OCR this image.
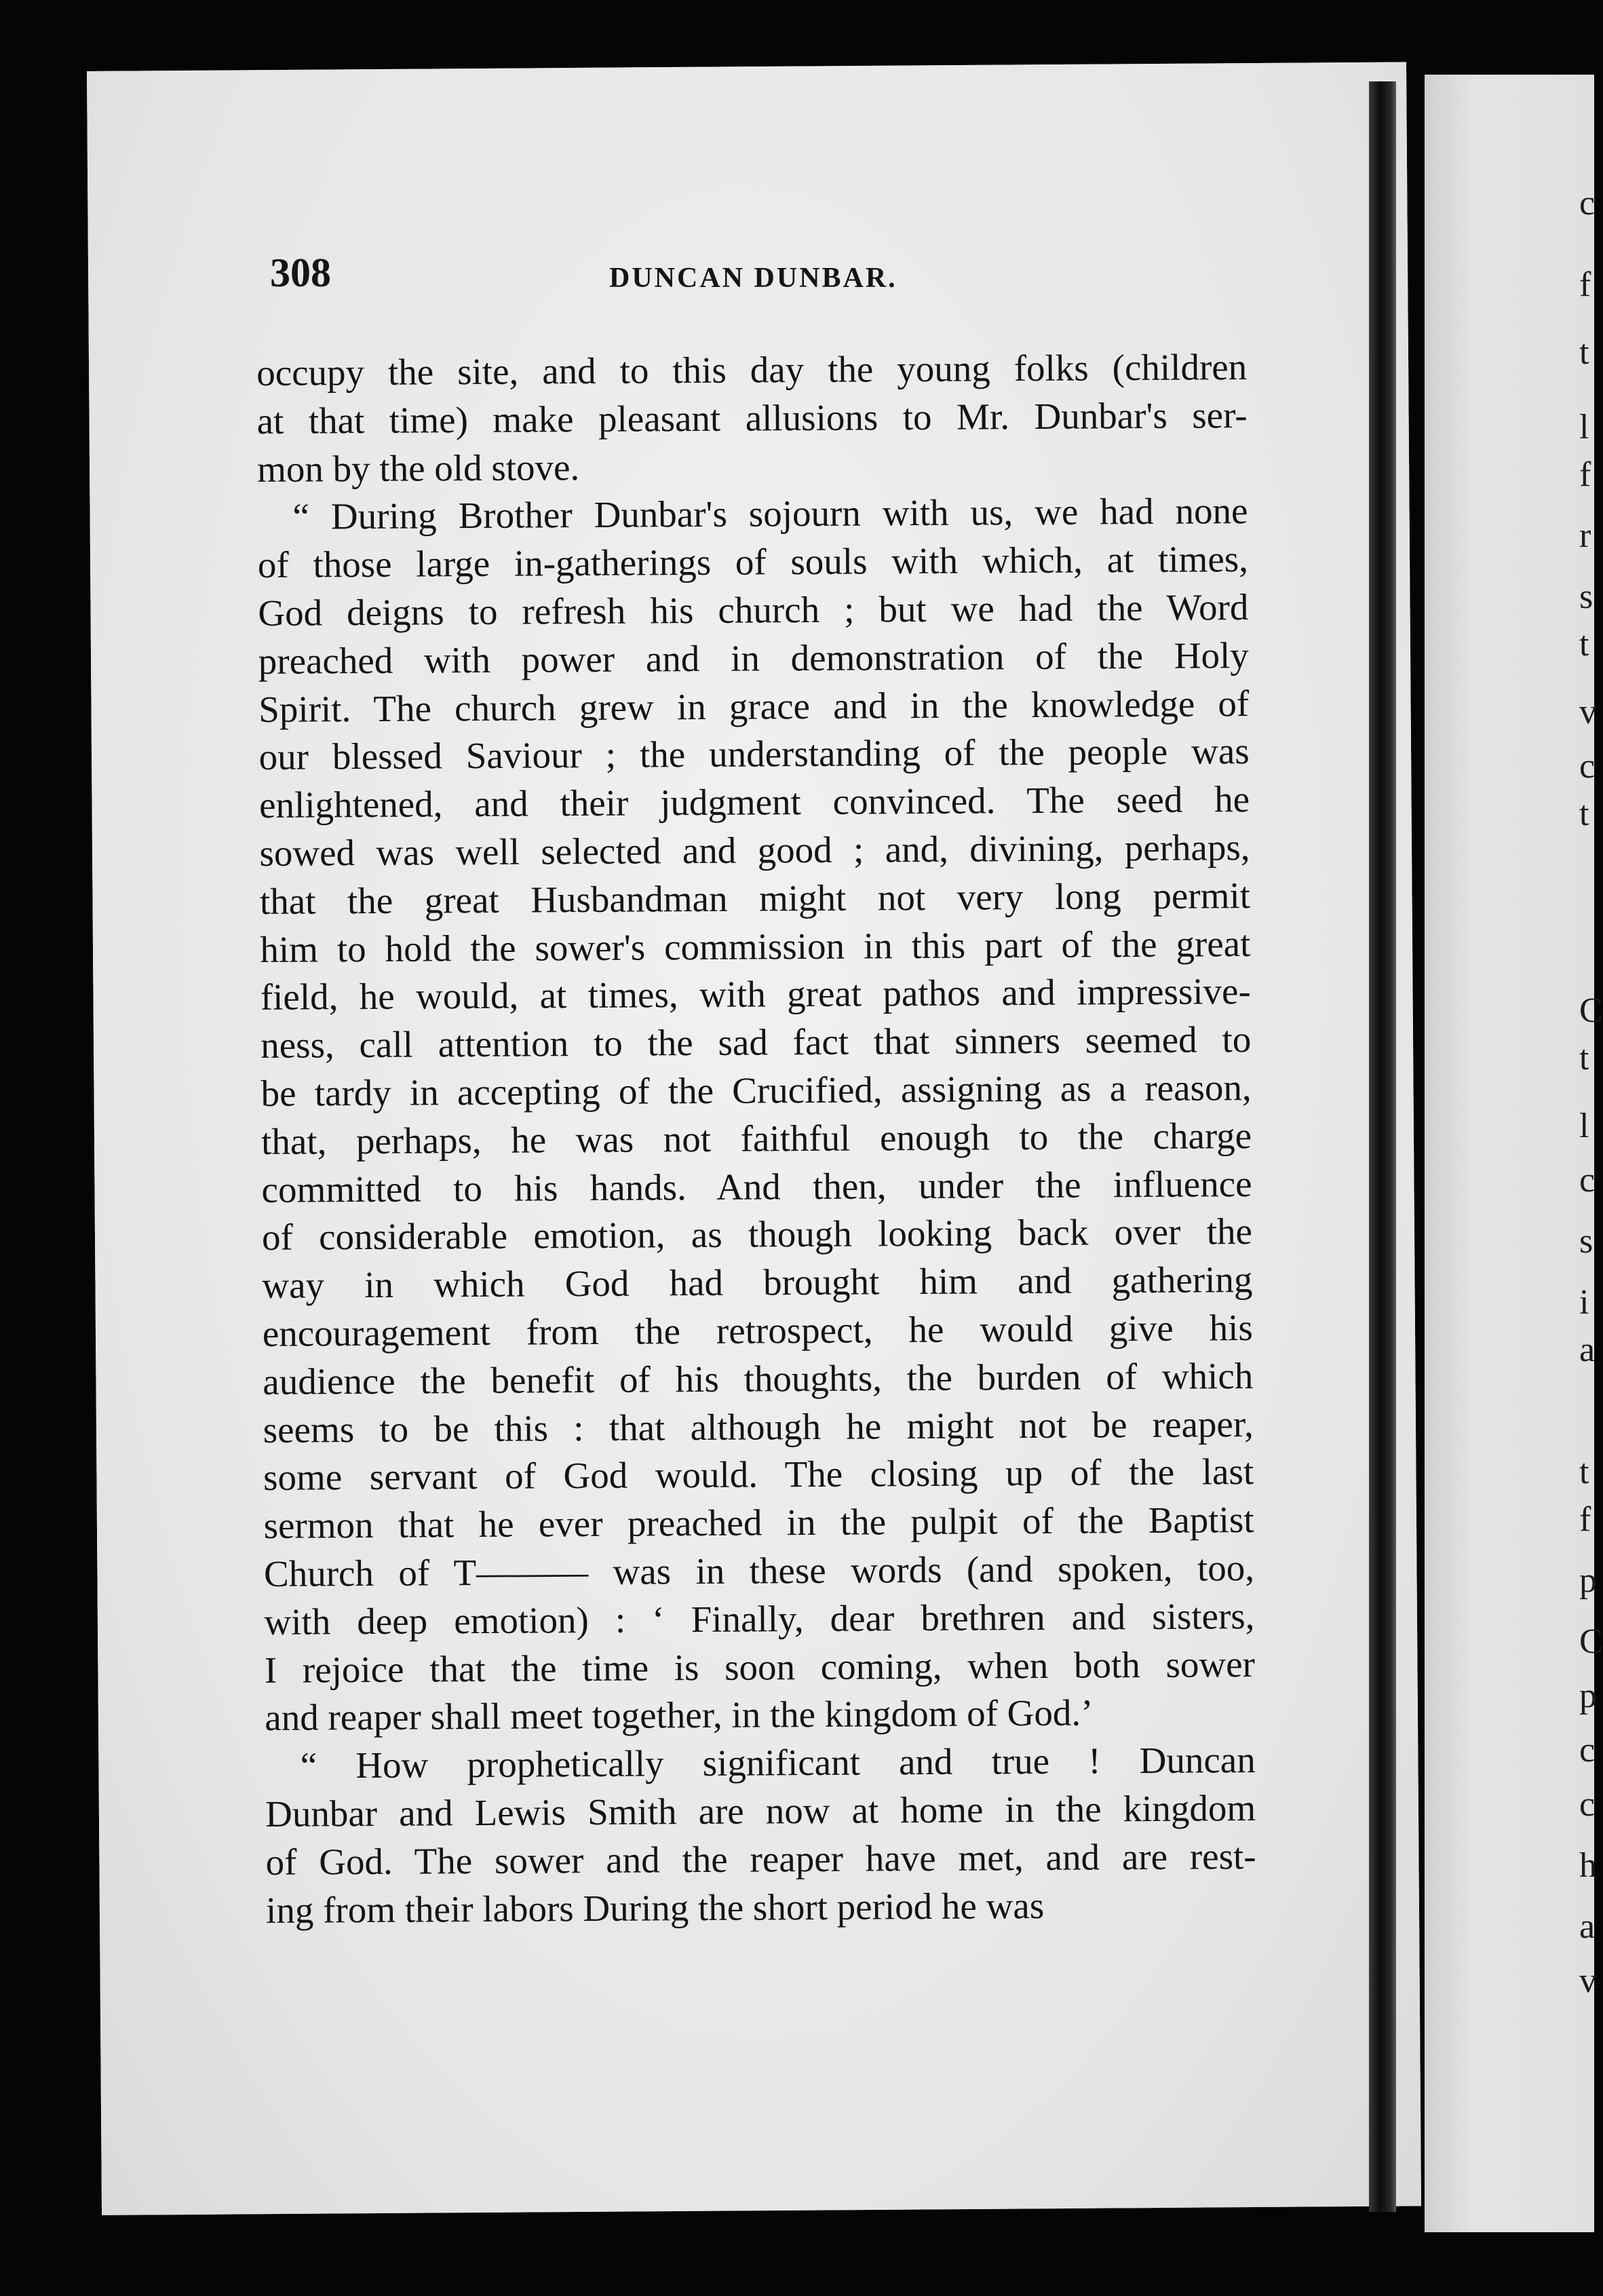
c
f
t
l
f
r
s
t
v
c
t
C
t
l
c
s
i
a
t
f
p
C
p
c
c
h
a
v
308	DUNCAN DUNBAR.
occupy the site, and to this day the young folks (children
at that time) make pleasant allusions to Mr. Dunbar's ser-
mon by the old stove.
“ During Brother Dunbar's sojourn with us, we had none
of those large in-gatherings of souls with which, at times,
God deigns to refresh his church ; but we had the Word
preached with power and in demonstration of the Holy
Spirit. The church grew in grace and in the knowledge of
our blessed Saviour ; the understanding of the people was
enlightened, and their judgment convinced. The seed he
sowed was well selected and good ; and, divining, perhaps,
that the great Husbandman might not very long permit
him to hold the sower's commission in this part of the great
field, he would, at times, with great pathos and impressive-
ness, call attention to the sad fact that sinners seemed to
be tardy in accepting of the Crucified, assigning as a reason,
that, perhaps, he was not faithful enough to the charge
committed to his hands. And then, under the influence
of considerable emotion, as though looking back over the
way in which God had brought him and gathering
encouragement from the retrospect, he would give his
audience the benefit of his thoughts, the burden of which
seems to be this : that although he might not be reaper,
some servant of God would. The closing up of the last
sermon that he ever preached in the pulpit of the Baptist
Church of T——— was in these words (and spoken, too,
with deep emotion) : ‘ Finally, dear brethren and sisters,
I rejoice that the time is soon coming, when both sower
and reaper shall meet together, in the kingdom of God.’
“ How prophetically significant and true ! Duncan
Dunbar and Lewis Smith are now at home in the kingdom
of God. The sower and the reaper have met, and are rest-
ing from their labors During the short period he was
